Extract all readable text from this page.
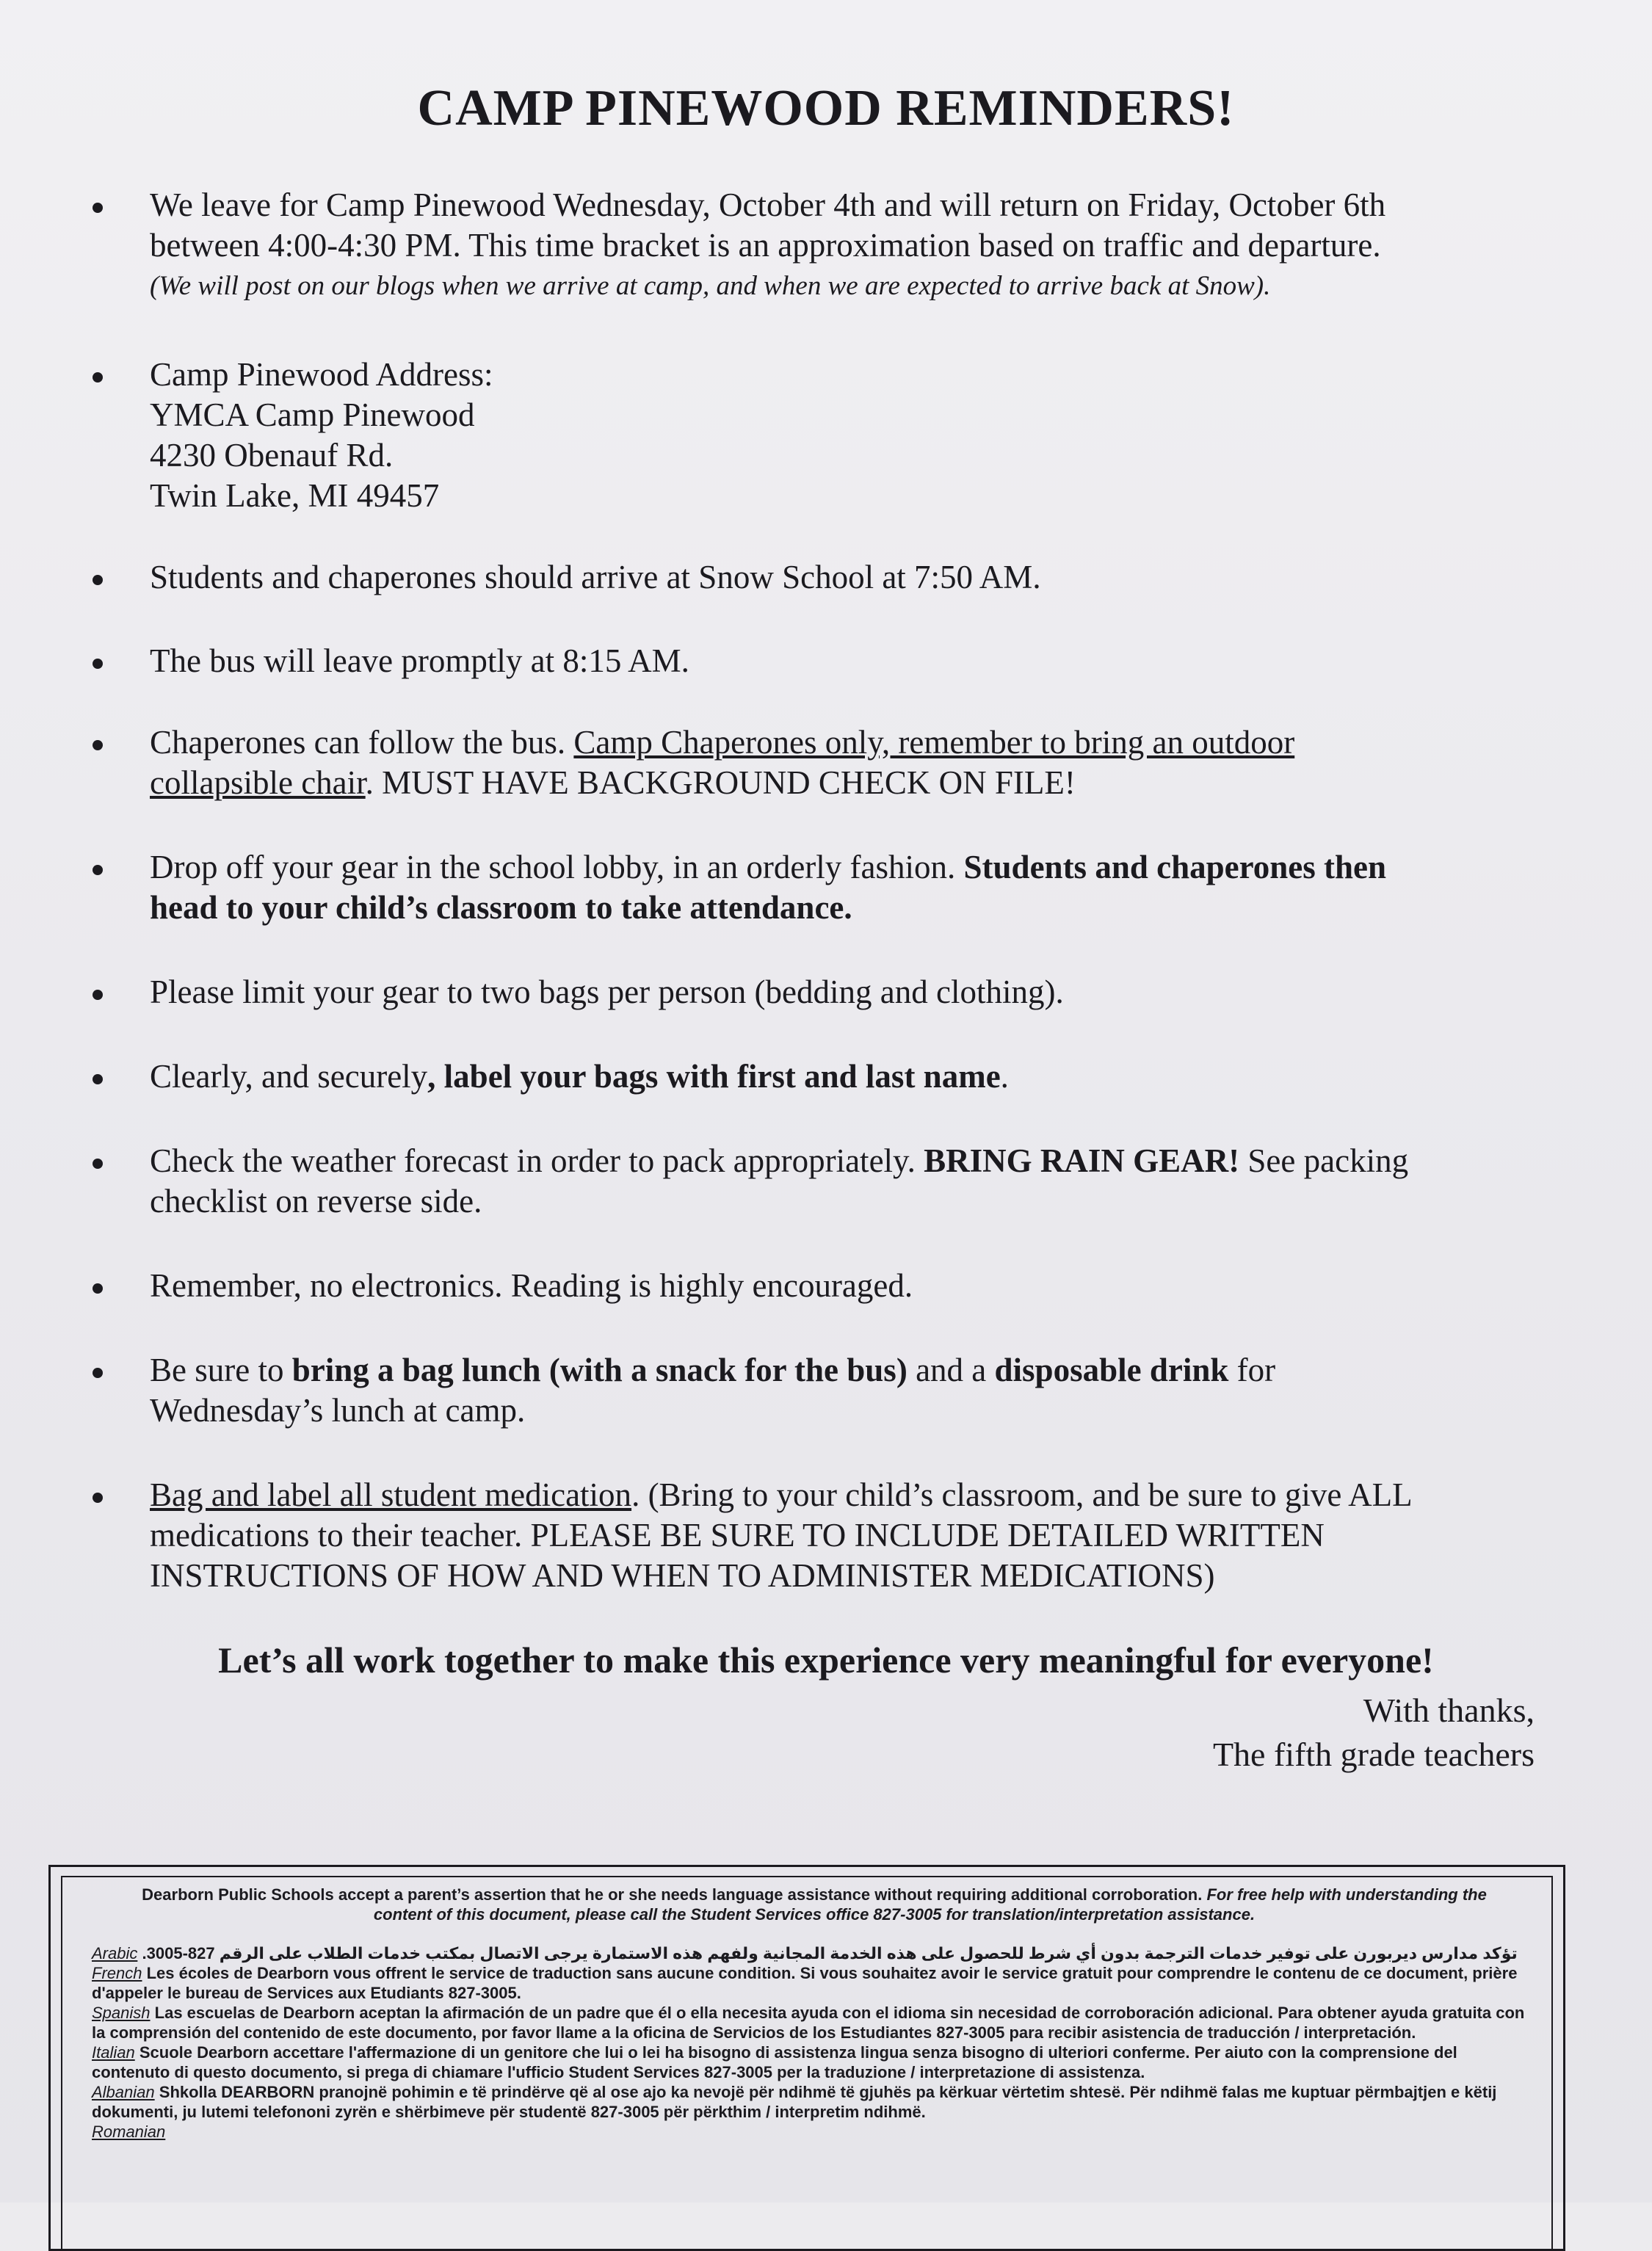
CAMP PINEWOOD REMINDERS!
We leave for Camp Pinewood Wednesday, October 4th and will return on Friday, October 6th
between 4:00-4:30 PM. This time bracket is an approximation based on traffic and departure.
(We will post on our blogs when we arrive at camp, and when we are expected to arrive back at Snow).
Camp Pinewood Address:
YMCA Camp Pinewood
4230 Obenauf Rd.
Twin Lake, MI 49457
Students and chaperones should arrive at Snow School at 7:50 AM.
The bus will leave promptly at 8:15 AM.
Chaperones can follow the bus. Camp Chaperones only, remember to bring an outdoor
collapsible chair. MUST HAVE BACKGROUND CHECK ON FILE!
Drop off your gear in the school lobby, in an orderly fashion. Students and chaperones then
head to your child’s classroom to take attendance.
Please limit your gear to two bags per person (bedding and clothing).
Clearly, and securely, label your bags with first and last name.
Check the weather forecast in order to pack appropriately. BRING RAIN GEAR! See packing
checklist on reverse side.
Remember, no electronics. Reading is highly encouraged.
Be sure to bring a bag lunch (with a snack for the bus) and a disposable drink for
Wednesday’s lunch at camp.
Bag and label all student medication. (Bring to your child’s classroom, and be sure to give ALL
medications to their teacher. PLEASE BE SURE TO INCLUDE DETAILED WRITTEN
INSTRUCTIONS OF HOW AND WHEN TO ADMINISTER MEDICATIONS)
Let’s all work together to make this experience very meaningful for everyone!
With thanks,
The fifth grade teachers
Dearborn Public Schools accept a parent’s assertion that he or she needs language assistance without requiring additional corroboration. For free help with understanding the content of this document, please call the Student Services office 827-3005 for translation/interpretation assistance.
Arabic تؤكد مدارس ديربورن على توفير خدمات الترجمة بدون أي شرط للحصول على هذه الخدمة المجانية ولفهم هذه الاستمارة يرجى الاتصال بمكتب خدمات الطلاب على الرقم 827-3005.
French Les écoles de Dearborn vous offrent le service de traduction sans aucune condition. Si vous souhaitez avoir le service gratuit pour comprendre le contenu de ce document, prière d'appeler le bureau de Services aux Etudiants 827-3005.
Spanish Las escuelas de Dearborn aceptan la afirmación de un padre que él o ella necesita ayuda con el idioma sin necesidad de corroboración adicional. Para obtener ayuda gratuita con la comprensión del contenido de este documento, por favor llame a la oficina de Servicios de los Estudiantes 827-3005 para recibir asistencia de traducción / interpretación.
Italian Scuole Dearborn accettare l'affermazione di un genitore che lui o lei ha bisogno di assistenza lingua senza bisogno di ulteriori conferme. Per aiuto con la comprensione del contenuto di questo documento, si prega di chiamare l'ufficio Student Services 827-3005 per la traduzione / interpretazione di assistenza.
Albanian Shkolla DEARBORN pranojnë pohimin e të prindërve që al ose ajo ka nevojë për ndihmë të gjuhës pa kërkuar vërtetim shtesë. Për ndihmë falas me kuptuar përmbajtjen e këtij dokumenti, ju lutemi telefononi zyrën e shërbimeve për studentë 827-3005 për përkthim / interpretim ndihmë.
Romanian
